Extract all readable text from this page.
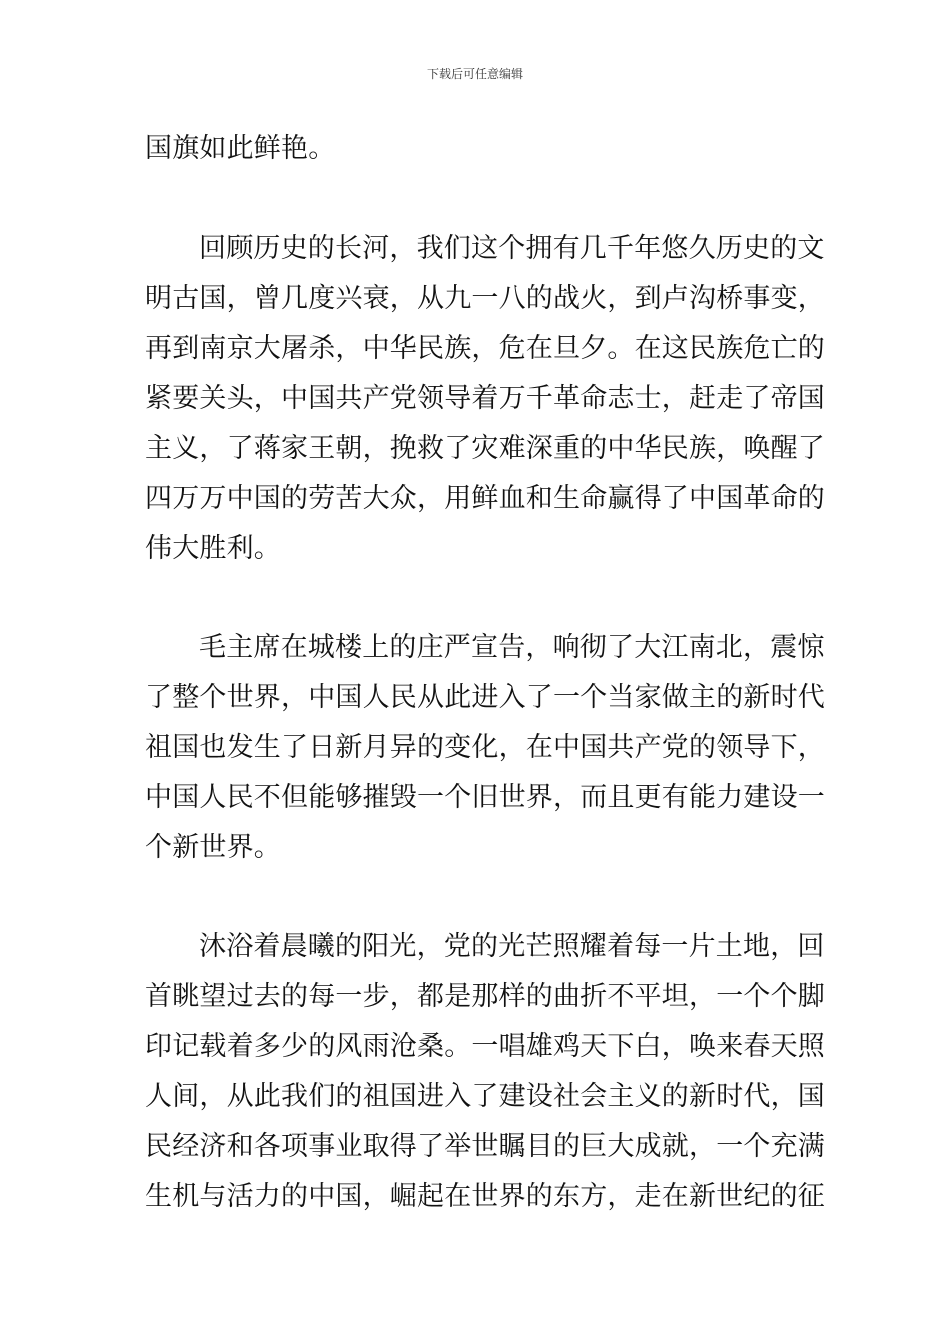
下载后可任意编辑
国旗如此鲜艳。
回顾历史的长河，我们这个拥有几千年悠久历史的文
明古国，曾几度兴衰，从九一八的战火，到卢沟桥事变，
再到南京大屠杀，中华民族，危在旦夕。在这民族危亡的
紧要关头，中国共产党领导着万千革命志士，赶走了帝国
主义，了蒋家王朝，挽救了灾难深重的中华民族，唤醒了
四万万中国的劳苦大众，用鲜血和生命赢得了中国革命的
伟大胜利。
毛主席在城楼上的庄严宣告，响彻了大江南北，震惊
了整个世界，中国人民从此进入了一个当家做主的新时代
祖国也发生了日新月异的变化，在中国共产党的领导下，
中国人民不但能够摧毁一个旧世界，而且更有能力建设一
个新世界。
沐浴着晨曦的阳光，党的光芒照耀着每一片土地，回
首眺望过去的每一步，都是那样的曲折不平坦，一个个脚
印记载着多少的风雨沧桑。一唱雄鸡天下白，唤来春天照
人间，从此我们的祖国进入了建设社会主义的新时代，国
民经济和各项事业取得了举世瞩目的巨大成就，一个充满
生机与活力的中国，崛起在世界的东方，走在新世纪的征
